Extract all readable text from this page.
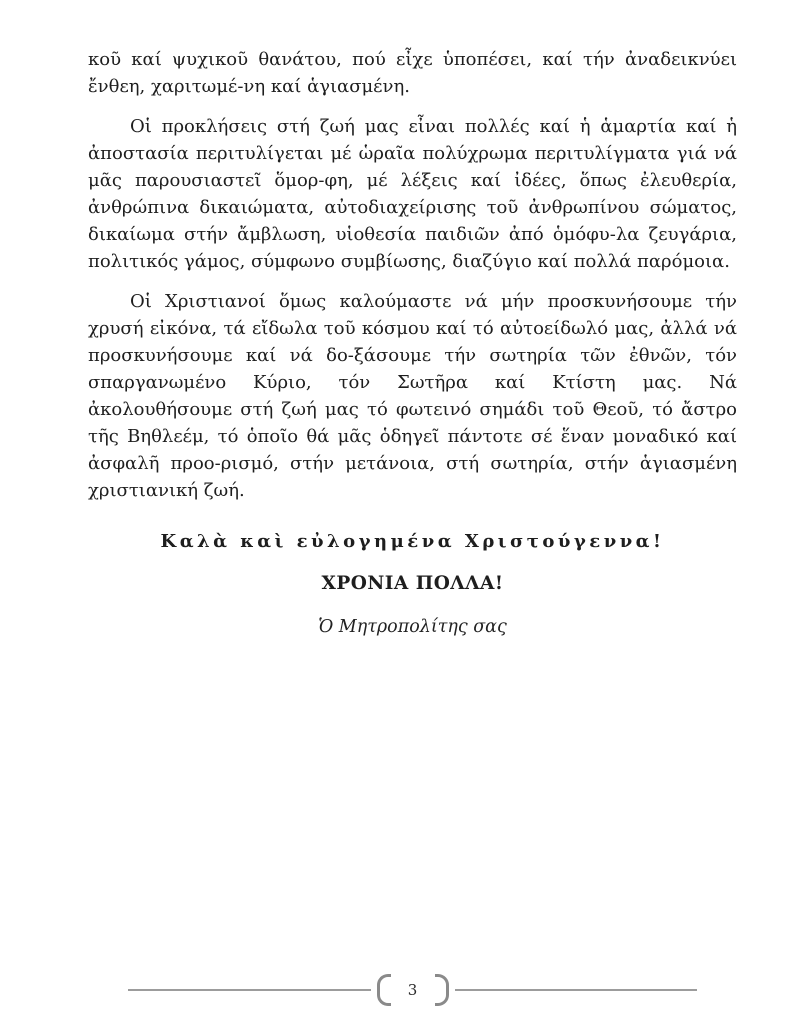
κοῦ καί ψυχικοῦ θανάτου, πού εἶχε ὑποπέσει, καί τήν ἀναδεικνύει ἔνθεη, χαριτωμέ-νη καί ἁγιασμένη.

Οἱ προκλήσεις στή ζωή μας εἶναι πολλές καί ἡ ἁμαρτία καί ἡ ἀποστασία περιτυλίγεται μέ ὡραῖα πολύχρωμα περιτυλίγματα γιά νά μᾶς παρουσιαστεῖ ὅμορ-φη, μέ λέξεις καί ἰδέες, ὅπως ἐλευθερία, ἀνθρώπινα δικαιώματα, αὐτοδιαχείρισης τοῦ ἀνθρωπίνου σώματος, δικαίωμα στήν ἄμβλωση, υἱοθεσία παιδιῶν ἀπό ὁμόφυ-λα ζευγάρια, πολιτικός γάμος, σύμφωνο συμβίωσης, διαζύγιο καί πολλά παρόμοια.

Οἱ Χριστιανοί ὅμως καλούμαστε νά μήν προσκυνήσουμε τήν χρυσή εἰκόνα, τά εἴδωλα τοῦ κόσμου καί τό αὐτοείδωλό μας, ἀλλά νά προσκυνήσουμε καί νά δο-ξάσουμε τήν σωτηρία τῶν ἐθνῶν, τόν σπαργανωμένο Κύριο, τόν Σωτῆρα καί Κτίστη μας. Νά ἀκολουθήσουμε στή ζωή μας τό φωτεινό σημάδι τοῦ Θεοῦ, τό ἄστρο τῆς Βηθλεέμ, τό ὁποῖο θά μᾶς ὁδηγεῖ πάντοτε σέ ἕναν μοναδικό καί ἀσφαλῆ προο-ρισμό, στήν μετάνοια, στή σωτηρία, στήν ἁγιασμένη χριστιανική ζωή.

Καλὰ καὶ εὐλογημένα Χριστούγεννα!

ΧΡΟΝΙΑ ΠΟΛΛΑ!

Ὁ Μητροπολίτης σας

3
